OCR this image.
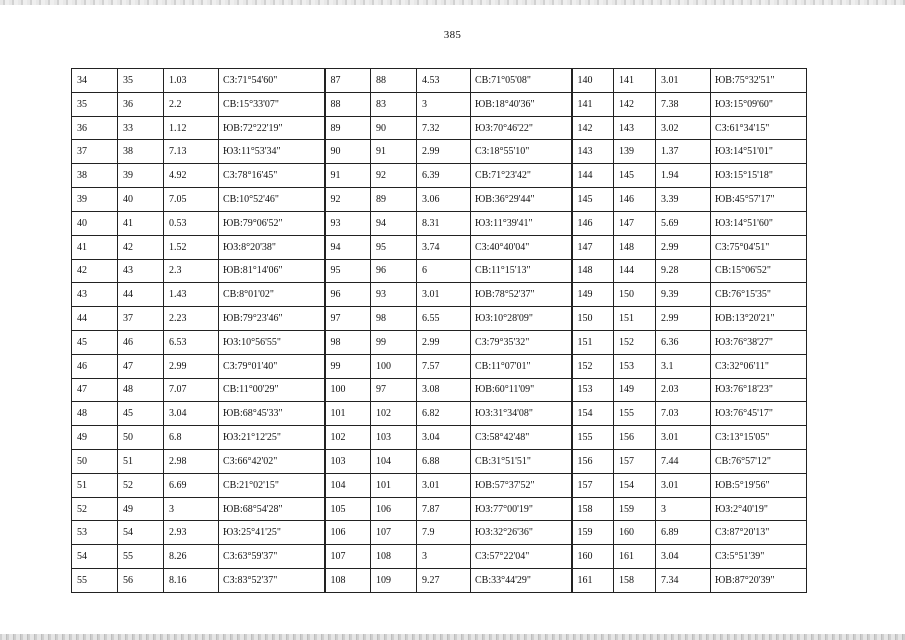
385
34	35	1.03	СЗ:71°54'60"	87	88	4.53	СВ:71°05'08"	140	141	3.01	ЮВ:75°32'51"
35	36	2.2	СВ:15°33'07"	88	83	3	ЮВ:18°40'36"	141	142	7.38	ЮЗ:15°09'60"
36	33	1.12	ЮВ:72°22'19"	89	90	7.32	ЮЗ:70°46'22"	142	143	3.02	СЗ:61°34'15"
37	38	7.13	ЮЗ:11°53'34"	90	91	2.99	СЗ:18°55'10"	143	139	1.37	ЮЗ:14°51'01"
38	39	4.92	СЗ:78°16'45"	91	92	6.39	СВ:71°23'42"	144	145	1.94	ЮЗ:15°15'18"
39	40	7.05	СВ:10°52'46"	92	89	3.06	ЮВ:36°29'44"	145	146	3.39	ЮВ:45°57'17"
40	41	0.53	ЮВ:79°06'52"	93	94	8.31	ЮЗ:11°39'41"	146	147	5.69	ЮЗ:14°51'60"
41	42	1.52	ЮЗ:8°20'38"	94	95	3.74	СЗ:40°40'04"	147	148	2.99	СЗ:75°04'51"
42	43	2.3	ЮВ:81°14'06"	95	96	6	СВ:11°15'13"	148	144	9.28	СВ:15°06'52"
43	44	1.43	СВ:8°01'02"	96	93	3.01	ЮВ:78°52'37"	149	150	9.39	СВ:76°15'35"
44	37	2.23	ЮВ:79°23'46"	97	98	6.55	ЮЗ:10°28'09"	150	151	2.99	ЮВ:13°20'21"
45	46	6.53	ЮЗ:10°56'55"	98	99	2.99	СЗ:79°35'32"	151	152	6.36	ЮЗ:76°38'27"
46	47	2.99	СЗ:79°01'40"	99	100	7.57	СВ:11°07'01"	152	153	3.1	СЗ:32°06'11"
47	48	7.07	СВ:11°00'29"	100	97	3.08	ЮВ:60°11'09"	153	149	2.03	ЮЗ:76°18'23"
48	45	3.04	ЮВ:68°45'33"	101	102	6.82	ЮЗ:31°34'08"	154	155	7.03	ЮЗ:76°45'17"
49	50	6.8	ЮЗ:21°12'25"	102	103	3.04	СЗ:58°42'48"	155	156	3.01	СЗ:13°15'05"
50	51	2.98	СЗ:66°42'02"	103	104	6.88	СВ:31°51'51"	156	157	7.44	СВ:76°57'12"
51	52	6.69	СВ:21°02'15"	104	101	3.01	ЮВ:57°37'52"	157	154	3.01	ЮВ:5°19'56"
52	49	3	ЮВ:68°54'28"	105	106	7.87	ЮЗ:77°00'19"	158	159	3	ЮЗ:2°40'19"
53	54	2.93	ЮЗ:25°41'25"	106	107	7.9	ЮЗ:32°26'36"	159	160	6.89	СЗ:87°20'13"
54	55	8.26	СЗ:63°59'37"	107	108	3	СЗ:57°22'04"	160	161	3.04	СЗ:5°51'39"
55	56	8.16	СЗ:83°52'37"	108	109	9.27	СВ:33°44'29"	161	158	7.34	ЮВ:87°20'39"
